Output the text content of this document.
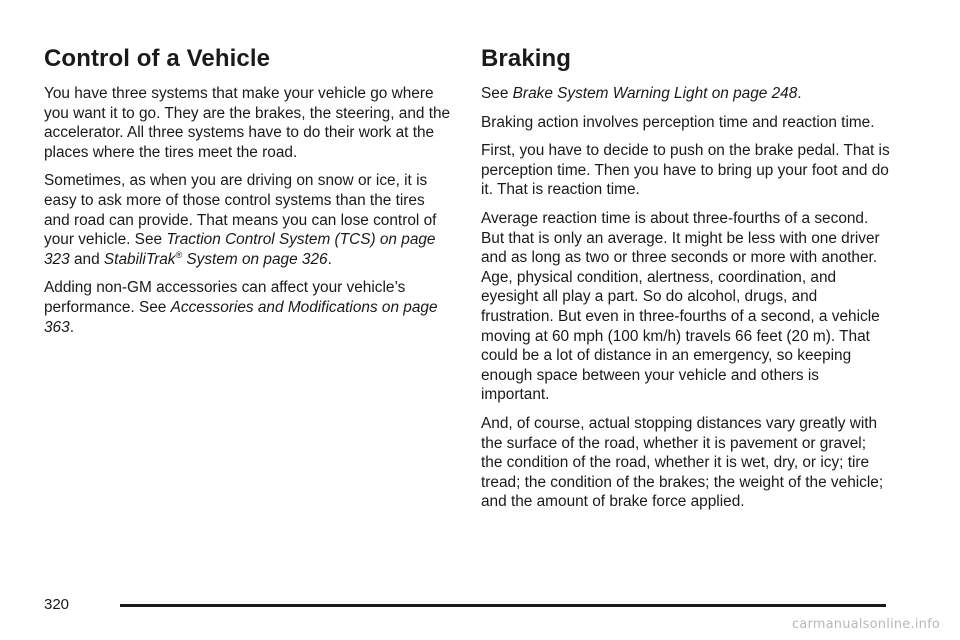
Control of a Vehicle

You have three systems that make your vehicle go where you want it to go. They are the brakes, the steering, and the accelerator. All three systems have to do their work at the places where the tires meet the road.

Sometimes, as when you are driving on snow or ice, it is easy to ask more of those control systems than the tires and road can provide. That means you can lose control of your vehicle. See Traction Control System (TCS) on page 323 and StabiliTrak® System on page 326.

Adding non-GM accessories can affect your vehicle’s performance. See Accessories and Modifications on page 363.

Braking

See Brake System Warning Light on page 248.

Braking action involves perception time and reaction time.

First, you have to decide to push on the brake pedal. That is perception time. Then you have to bring up your foot and do it. That is reaction time.

Average reaction time is about three-fourths of a second. But that is only an average. It might be less with one driver and as long as two or three seconds or more with another. Age, physical condition, alertness, coordination, and eyesight all play a part. So do alcohol, drugs, and frustration. But even in three-fourths of a second, a vehicle moving at 60 mph (100 km/h) travels 66 feet (20 m). That could be a lot of distance in an emergency, so keeping enough space between your vehicle and others is important.

And, of course, actual stopping distances vary greatly with the surface of the road, whether it is pavement or gravel; the condition of the road, whether it is wet, dry, or icy; tire tread; the condition of the brakes; the weight of the vehicle; and the amount of brake force applied.

320
carmanualsonline.info
